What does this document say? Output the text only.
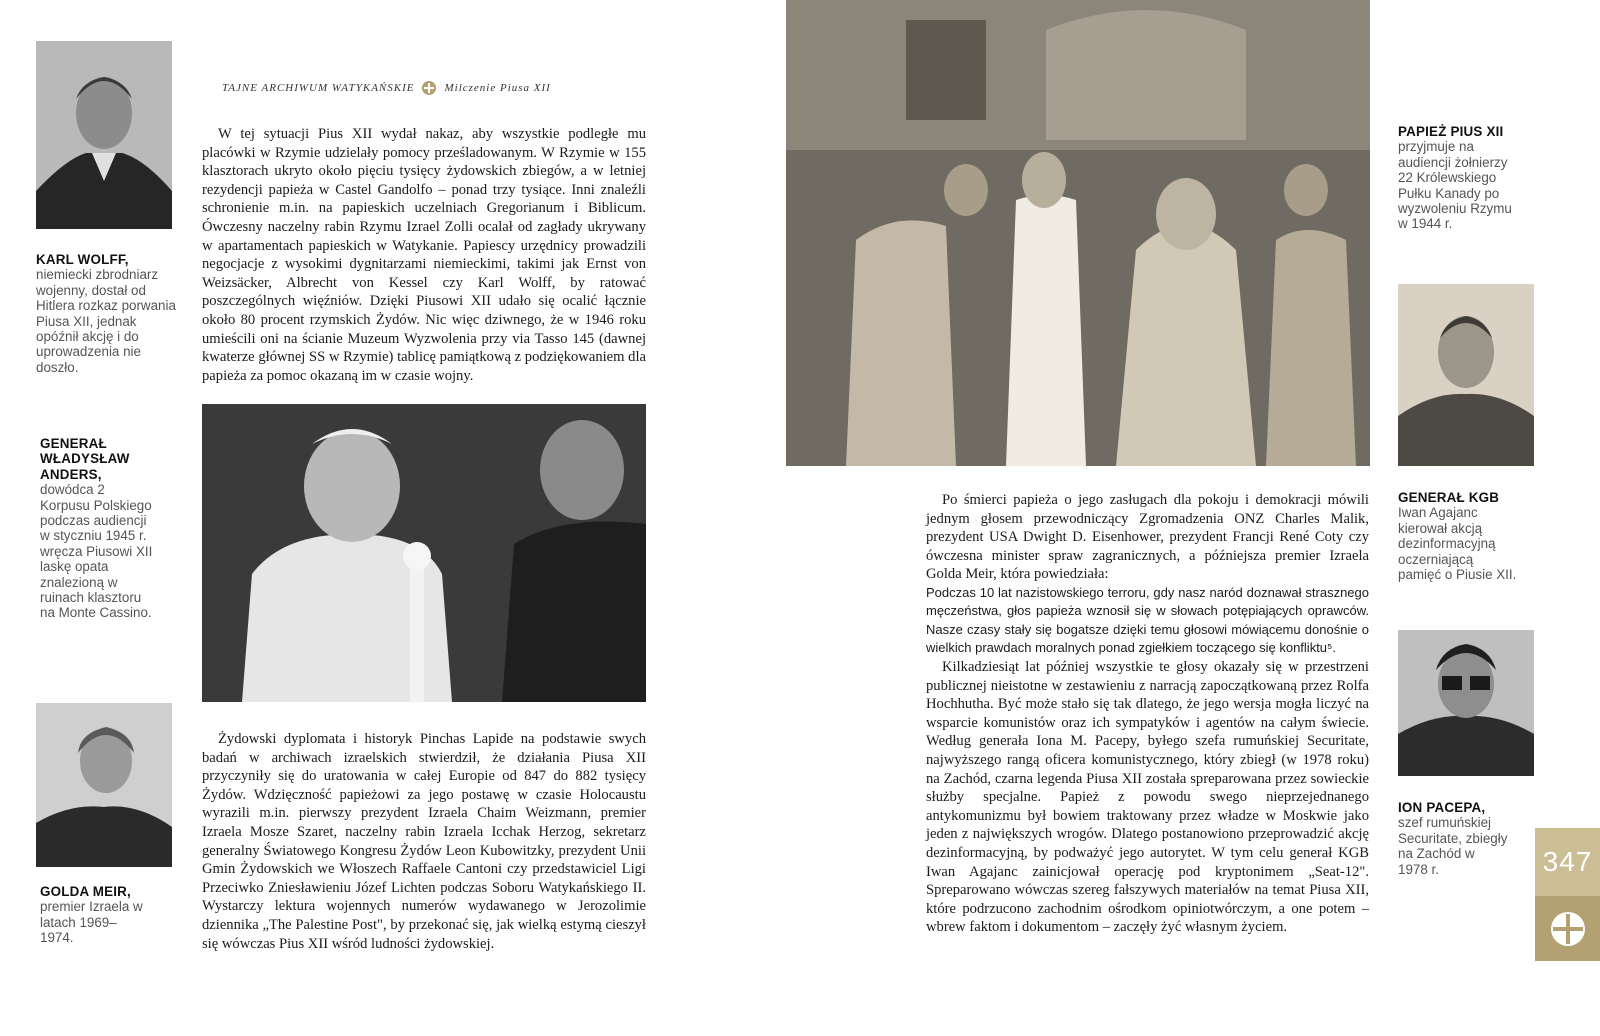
TAJNE ARCHIWUM WATYKAŃSKIE	Milczenie Piusa XII
KARL WOLFF,
niemiecki zbrodniarz wojenny, dostał od Hitlera rozkaz porwania Piusa XII, jednak opóźnił akcję i do uprowadzenia nie doszło.
GENERAŁ WŁADYSŁAW ANDERS,
dowódca 2 Korpusu Polskiego podczas audiencji w styczniu 1945 r. wręcza Piusowi XII laskę opata znalezioną w ruinach klasztoru na Monte Cassino.
GOLDA MEIR,
premier Izraela w latach 1969–1974.

W tej sytuacji Pius XII wydał nakaz, aby wszystkie podległe mu placówki w Rzymie udzielały pomocy prześladowanym. W Rzymie w 155 klasztorach ukryto około pięciu tysięcy żydowskich zbiegów, a w letniej rezydencji papieża w Castel Gandolfo – ponad trzy tysiące. Inni znaleźli schronienie m.in. na papieskich uczelniach Gregorianum i Biblicum. Ówczesny naczelny rabin Rzymu Izrael Zolli ocalał od zagłady ukrywany w apartamentach papieskich w Watykanie. Papiescy urzędnicy prowadzili negocjacje z wysokimi dygnitarzami niemieckimi, takimi jak Ernst von Weizsäcker, Albrecht von Kessel czy Karl Wolff, by ratować poszczególnych więźniów. Dzięki Piusowi XII udało się ocalić łącznie około 80 procent rzymskich Żydów. Nic więc dziwnego, że w 1946 roku umieścili oni na ścianie Muzeum Wyzwolenia przy via Tasso 145 (dawnej kwaterze głównej SS w Rzymie) tablicę pamiątkową z podziękowaniem dla papieża za pomoc okazaną im w czasie wojny.

Żydowski dyplomata i historyk Pinchas Lapide na podstawie swych badań w archiwach izraelskich stwierdził, że działania Piusa XII przyczyniły się do uratowania w całej Europie od 847 do 882 tysięcy Żydów. Wdzięczność papieżowi za jego postawę w czasie Holocaustu wyrazili m.in. pierwszy prezydent Izraela Chaim Weizmann, premier Izraela Mosze Szaret, naczelny rabin Izraela Icchak Herzog, sekretarz generalny Światowego Kongresu Żydów Leon Kubowitzky, prezydent Unii Gmin Żydowskich we Włoszech Raffaele Cantoni czy przedstawiciel Ligi Przeciwko Zniesławieniu Józef Lichten podczas Soboru Watykańskiego II. Wystarczy lektura wojennych numerów wydawanego w Jerozolimie dziennika „The Palestine Post", by przekonać się, jak wielką estymą cieszył się wówczas Pius XII wśród ludności żydowskiej.

PAPIEŻ PIUS XII
przyjmuje na audiencji żołnierzy 22 Królewskiego Pułku Kanady po wyzwoleniu Rzymu w 1944 r.
GENERAŁ KGB
Iwan Agajanc kierował akcją dezinformacyjną oczerniającą pamięć o Piusie XII.
ION PACEPA,
szef rumuńskiej Securitate, zbiegły na Zachód w 1978 r.

Po śmierci papieża o jego zasługach dla pokoju i demokracji mówili jednym głosem przewodniczący Zgromadzenia ONZ Charles Malik, prezydent USA Dwight D. Eisenhower, prezydent Francji René Coty czy ówczesna minister spraw zagranicznych, a późniejsza premier Izraela Golda Meir, która powiedziała:

Podczas 10 lat nazistowskiego terroru, gdy nasz naród doznawał strasznego męczeństwa, głos papieża wznosił się w słowach potępiających oprawców. Nasze czasy stały się bogatsze dzięki temu głosowi mówiącemu donośnie o wielkich prawdach moralnych ponad zgiełkiem toczącego się konfliktu⁵.

Kilkadziesiąt lat później wszystkie te głosy okazały się w przestrzeni publicznej nieistotne w zestawieniu z narracją zapoczątkowaną przez Rolfa Hochhutha. Być może stało się tak dlatego, że jego wersja mogła liczyć na wsparcie komunistów oraz ich sympatyków i agentów na całym świecie. Według generała Iona M. Pacepy, byłego szefa rumuńskiej Securitate, najwyższego rangą oficera komunistycznego, który zbiegł (w 1978 roku) na Zachód, czarna legenda Piusa XII została spreparowana przez sowieckie służby specjalne. Papież z powodu swego nieprzejednanego antykomunizmu był bowiem traktowany przez władze w Moskwie jako jeden z największych wrogów. Dlatego postanowiono przeprowadzić akcję dezinformacyjną, by podważyć jego autorytet. W tym celu generał KGB Iwan Agajanc zainicjował operację pod kryptonimem „Seat-12". Spreparowano wówczas szereg fałszywych materiałów na temat Piusa XII, które podrzucono zachodnim ośrodkom opiniotwórczym, a one potem – wbrew faktom i dokumentom – zaczęły żyć własnym życiem.

347
